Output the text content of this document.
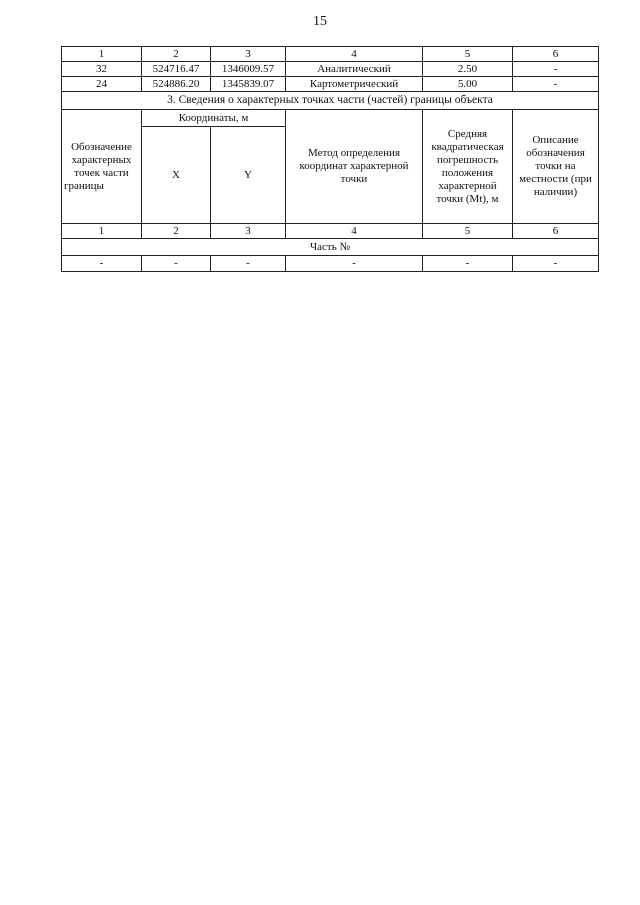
15
1	2	3	4	5	6
32	524716.47	1346009.57	Аналитический	2.50	-
24	524886.20	1345839.07	Картометрический	5.00	-
3. Сведения о характерных точках части (частей) границы объекта					
Обозначение характерных точек части границы	Координаты, м		Метод определения координат характерной точки	Средняя квадратическая погрешность положения характерной точки (Mt), м	Описание обозначения точки на местности (при наличии)
	X	Y			
1	2	3	4	5	6
Часть №					
-	-	-	-	-	-
